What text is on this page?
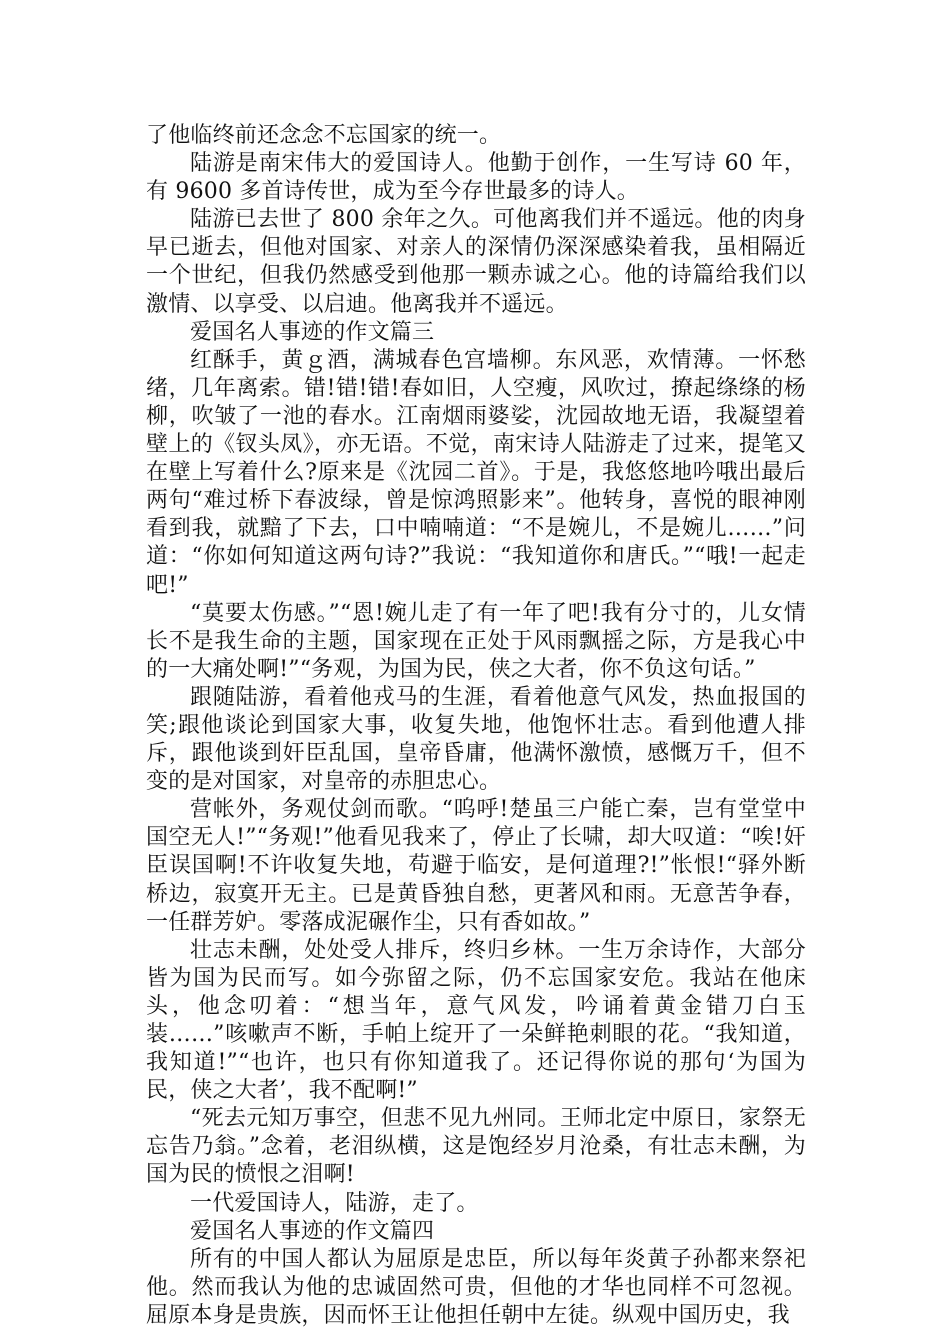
了他临终前还念念不忘国家的统一。

陆游是南宋伟大的爱国诗人。他勤于创作，一生写诗 60 年，有 9600 多首诗传世，成为至今存世最多的诗人。

陆游已去世了 800 余年之久。可他离我们并不遥远。他的肉身早已逝去，但他对国家、对亲人的深情仍深深感染着我，虽相隔近一个世纪，但我仍然感受到他那一颗赤诚之心。他的诗篇给我们以激情、以享受、以启迪。他离我并不遥远。

爱国名人事迹的作文篇三

红酥手，黄ｇ酒，满城春色宫墙柳。东风恶，欢情薄。一怀愁绪，几年离索。错!错!错!春如旧，人空瘦，风吹过，撩起绦绦的杨柳，吹皱了一池的春水。江南烟雨婆娑，沈园故地无语，我凝望着壁上的《钗头凤》，亦无语。不觉，南宋诗人陆游走了过来，提笔又在壁上写着什么?原来是《沈园二首》。于是，我悠悠地吟哦出最后两句“难过桥下春波绿，曾是惊鸿照影来”。他转身，喜悦的眼神刚看到我，就黯了下去，口中喃喃道：“不是婉儿，不是婉儿……”问道：“你如何知道这两句诗?”我说：“我知道你和唐氏。”“哦!一起走吧!”

“莫要太伤感。”“恩!婉儿走了有一年了吧!我有分寸的，儿女情长不是我生命的主题，国家现在正处于风雨飘摇之际，方是我心中的一大痛处啊!”“务观，为国为民，侠之大者，你不负这句话。”

跟随陆游，看着他戎马的生涯，看着他意气风发，热血报国的笑;跟他谈论到国家大事，收复失地，他饱怀壮志。看到他遭人排斥，跟他谈到奸臣乱国，皇帝昏庸，他满怀激愤，感慨万千，但不变的是对国家，对皇帝的赤胆忠心。

营帐外，务观仗剑而歌。“呜呼!楚虽三户能亡秦，岂有堂堂中国空无人!”“务观!”他看见我来了，停止了长啸，却大叹道：“唉!奸臣误国啊!不许收复失地，苟避于临安，是何道理?!”怅恨!“驿外断桥边，寂寞开无主。已是黄昏独自愁，更著风和雨。无意苦争春，一任群芳妒。零落成泥碾作尘，只有香如故。”

壮志未酬，处处受人排斥，终归乡林。一生万余诗作，大部分皆为国为民而写。如今弥留之际，仍不忘国家安危。我站在他床头，他念叨着：“想当年，意气风发，吟诵着黄金错刀白玉装……”咳嗽声不断，手帕上绽开了一朵鲜艳刺眼的花。“我知道，我知道!”“也许，也只有你知道我了。还记得你说的那句‘为国为民，侠之大者’，我不配啊!”

“死去元知万事空，但悲不见九州同。王师北定中原日，家祭无忘告乃翁。”念着，老泪纵横，这是饱经岁月沧桑，有壮志未酬，为国为民的愤恨之泪啊!

一代爱国诗人，陆游，走了。

爱国名人事迹的作文篇四

所有的中国人都认为屈原是忠臣，所以每年炎黄子孙都来祭祀他。然而我认为他的忠诚固然可贵，但他的才华也同样不可忽视。屈原本身是贵族，因而怀王让他担任朝中左徒。纵观中国历史，我
